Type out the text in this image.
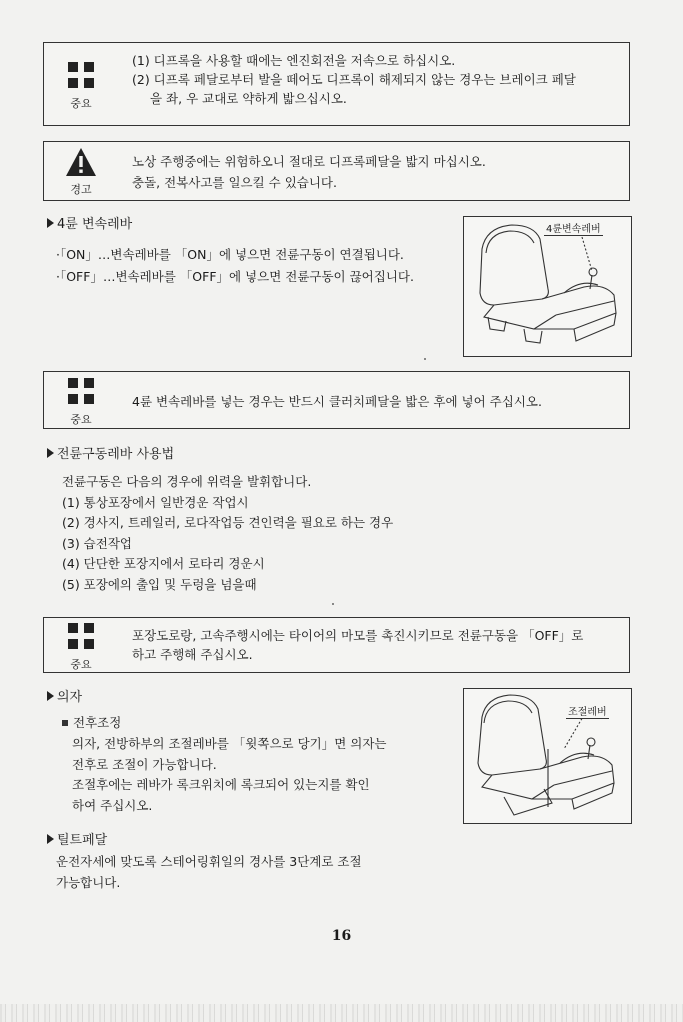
중요
(1) 디프록을 사용할 때에는 엔진회전을 저속으로 하십시오.
(2) 디프록 페달로부터 발을 떼어도 디프록이 해제되지 않는 경우는 브레이크 페달
을 좌, 우 교대로 약하게 밟으십시오.
경고
노상 주행중에는 위험하오니 절대로 디프록페달을 밟지 마십시오.
충돌, 전복사고를 일으킬 수 있습니다.
4륜 변속레바
·「ON」…변속레바를 「ON」에 넣으면 전륜구동이 연결됩니다.
·「OFF」…변속레바를 「OFF」에 넣으면 전륜구동이 끊어집니다.
4륜변속레버
중요
4륜 변속레바를 넣는 경우는 반드시 클러치페달을 밟은 후에 넣어 주십시오.
전륜구동레바 사용법
전륜구동은 다음의 경우에 위력을 발휘합니다.
(1) 통상포장에서 일반경운 작업시
(2) 경사지, 트레일러, 로다작업등 견인력을 필요로 하는 경우
(3) 습전작업
(4) 단단한 포장지에서 로타리 경운시
(5) 포장에의 출입 및 두렁을 넘을때
중요
포장도로랑, 고속주행시에는 타이어의 마모를 촉진시키므로 전륜구동을 「OFF」로
하고 주행해 주십시오.
의자
전후조정
의자, 전방하부의 조절레바를 「윗쪽으로 당기」면 의자는
전후로 조절이 가능합니다.
조절후에는 레바가 록크위치에 록크되어 있는지를 확인
하여 주십시오.
조절레버
틸트페달
운전자세에 맞도록 스테어링휘일의 경사를 3단계로 조절
가능합니다.
16
